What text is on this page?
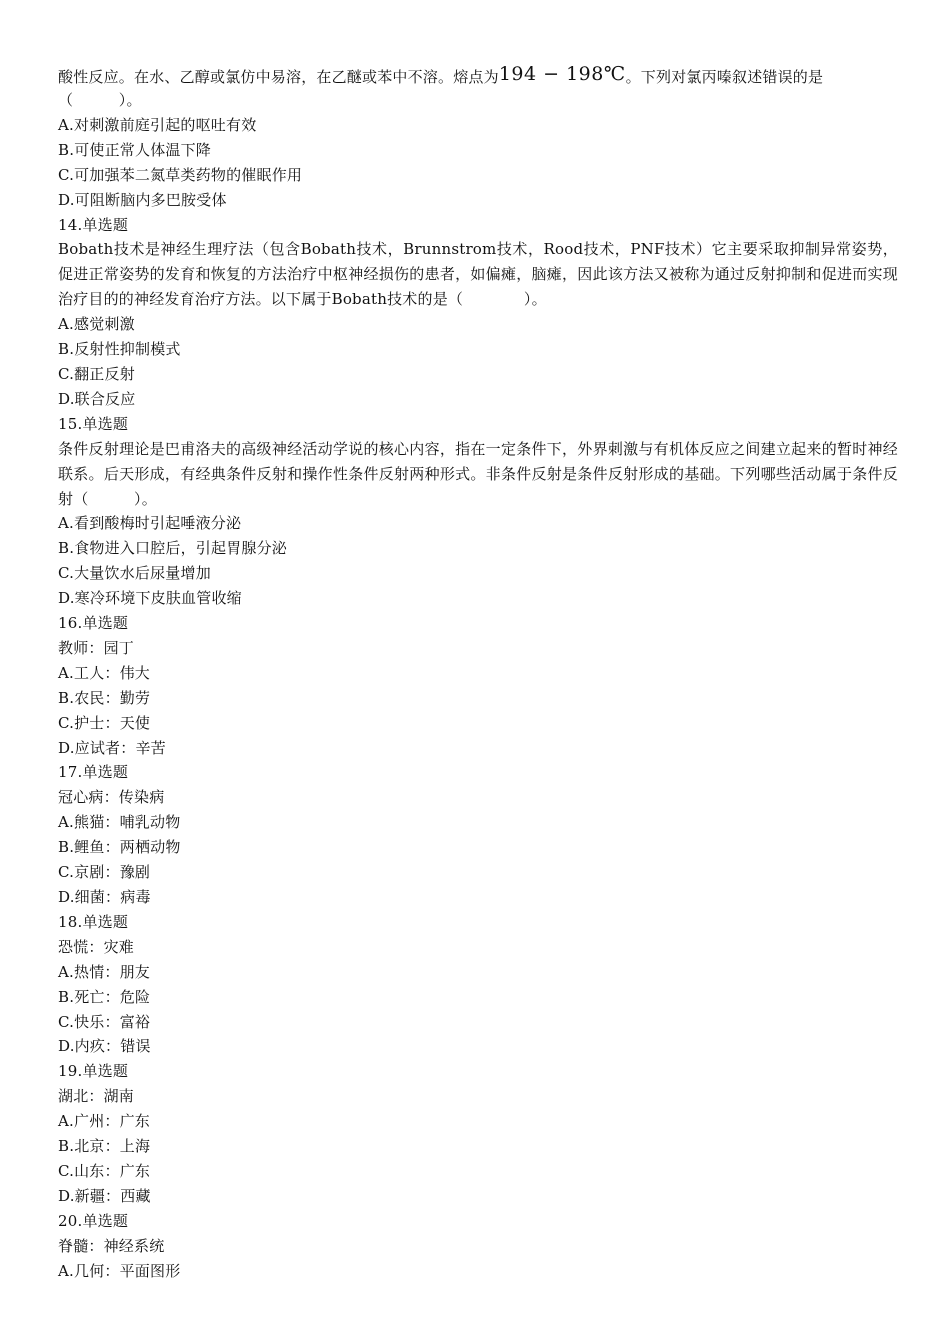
酸性反应。在水、乙醇或氯仿中易溶，在乙醚或苯中不溶。熔点为194 − 198℃。下列对氯丙嗪叙述错误的是
（　　　）。
A.对刺激前庭引起的呕吐有效
B.可使正常人体温下降
C.可加强苯二氮草类药物的催眠作用
D.可阻断脑内多巴胺受体
14.单选题
Bobath技术是神经生理疗法（包含Bobath技术，Brunnstrom技术，Rood技术，PNF技术）它主要采取抑制异常姿势，促进正常姿势的发育和恢复的方法治疗中枢神经损伤的患者，如偏瘫，脑瘫，因此该方法又被称为通过反射抑制和促进而实现治疗目的的神经发育治疗方法。以下属于Bobath技术的是（　　　　）。
A.感觉刺激
B.反射性抑制模式
C.翻正反射
D.联合反应
15.单选题
条件反射理论是巴甫洛夫的高级神经活动学说的核心内容，指在一定条件下，外界刺激与有机体反应之间建立起来的暂时神经联系。后天形成，有经典条件反射和操作性条件反射两种形式。非条件反射是条件反射形成的基础。下列哪些活动属于条件反射（　　　）。
A.看到酸梅时引起唾液分泌
B.食物进入口腔后，引起胃腺分泌
C.大量饮水后尿量增加
D.寒冷环境下皮肤血管收缩
16.单选题
教师：园丁
A.工人：伟大
B.农民：勤劳
C.护士：天使
D.应试者：辛苦
17.单选题
冠心病：传染病
A.熊猫：哺乳动物
B.鲤鱼：两栖动物
C.京剧：豫剧
D.细菌：病毒
18.单选题
恐慌：灾难
A.热情：朋友
B.死亡：危险
C.快乐：富裕
D.内疚：错误
19.单选题
湖北：湖南
A.广州：广东
B.北京：上海
C.山东：广东
D.新疆：西藏
20.单选题
脊髓：神经系统
A.几何：平面图形
